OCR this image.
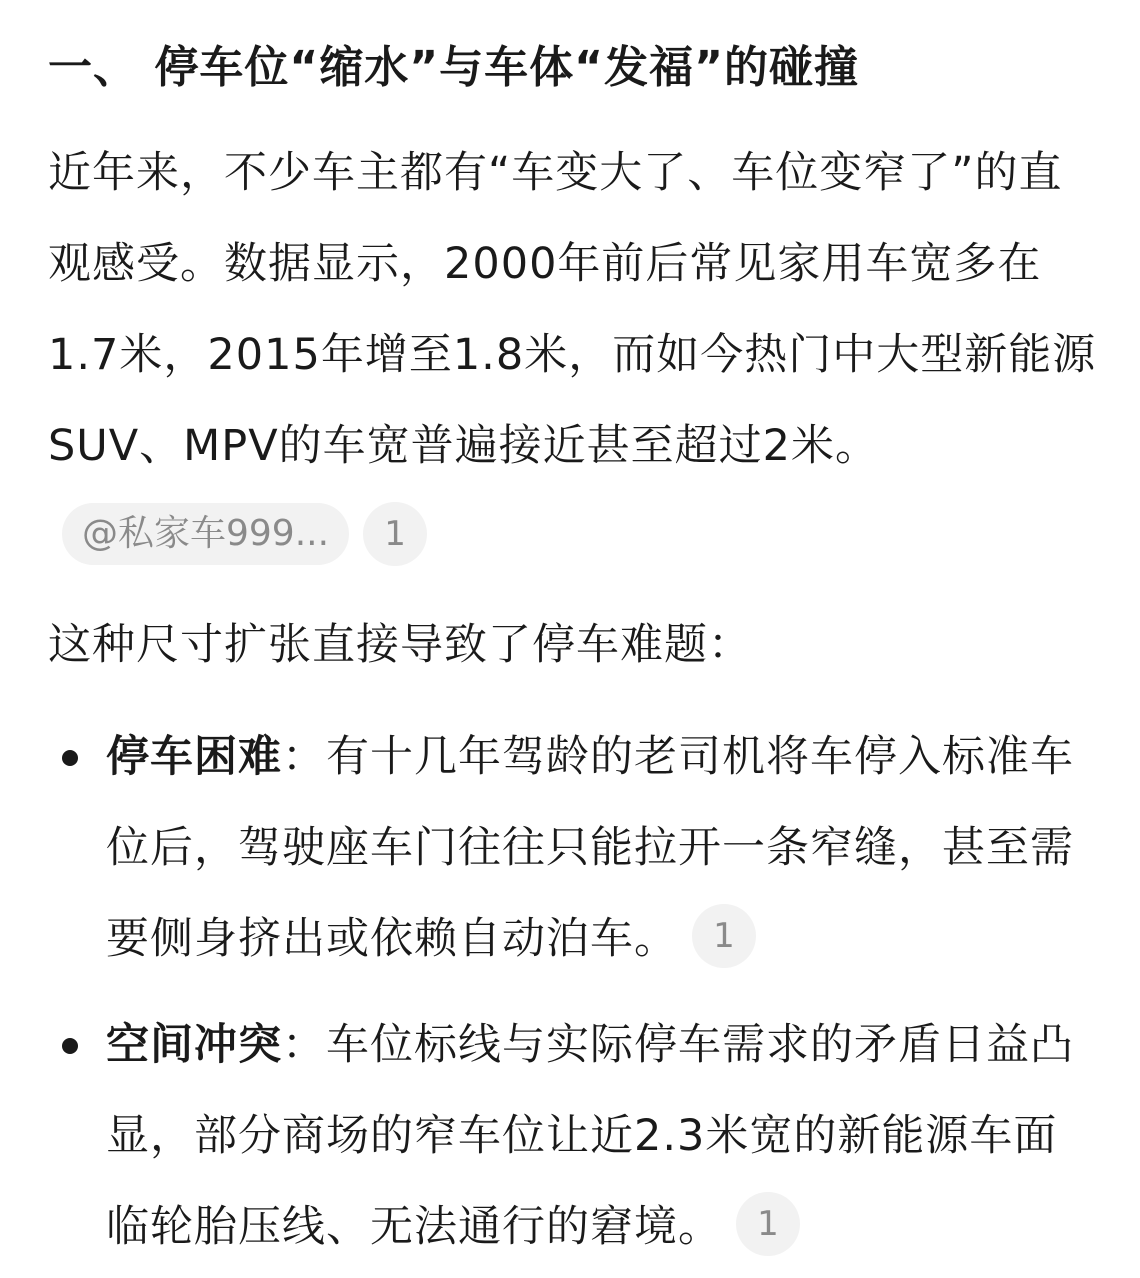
一、 停车位“缩水”与车体“发福”的碰撞

近年来，不少车主都有“车变大了、车位变窄了”的直观感受。数据显示，2000年前后常见家用车宽多在1.7米，2015年增至1.8米，而如今热门中大型新能源SUV、MPV的车宽普遍接近甚至超过2米。@私家车999... 1

这种尺寸扩张直接导致了停车难题：

停车困难：有十几年驾龄的老司机将车停入标准车位后，驾驶座车门往往只能拉开一条窄缝，甚至需要侧身挤出或依赖自动泊车。 1
空间冲突：车位标线与实际停车需求的矛盾日益凸显，部分商场的窄车位让近2.3米宽的新能源车面临轮胎压线、无法通行的窘境。 1
